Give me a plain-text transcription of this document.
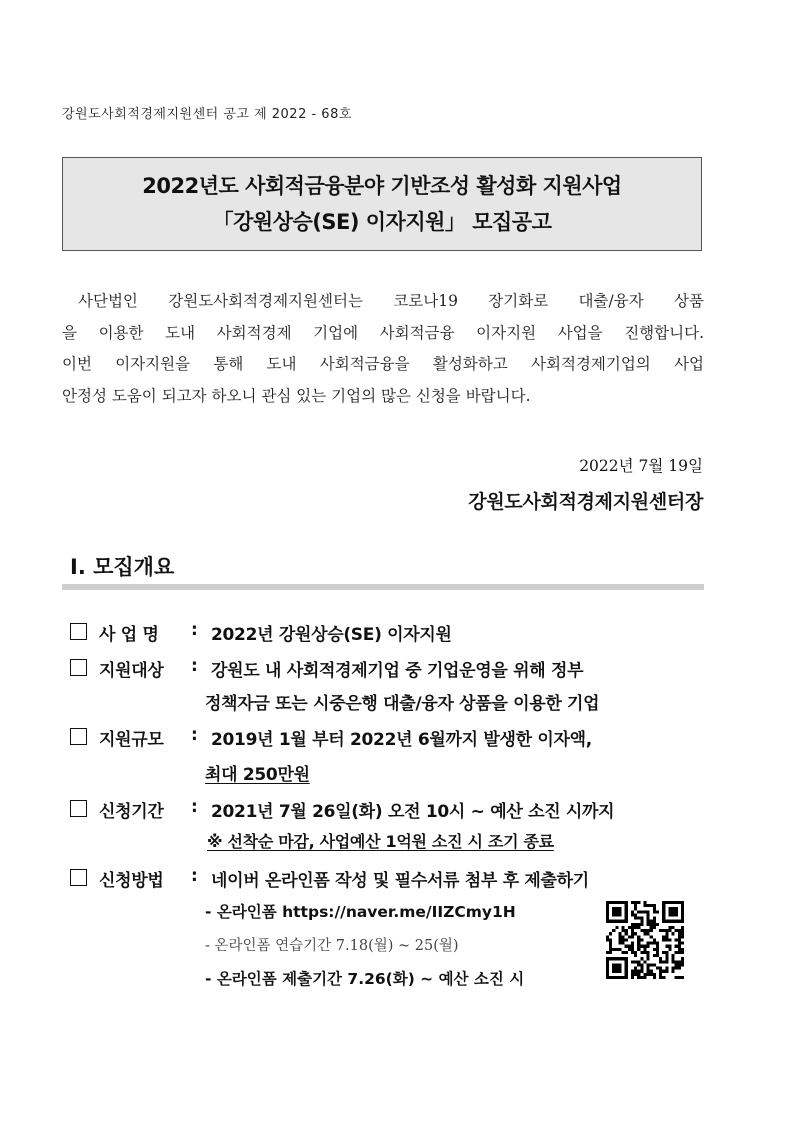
강원도사회적경제지원센터 공고 제 2022 - 68호
2022년도 사회적금융분야 기반조성 활성화 지원사업
「강원상승(SE) 이자지원」 모집공고
사단법인 강원도사회적경제지원센터는 코로나19 장기화로 대출/융자 상품
을 이용한 도내 사회적경제 기업에 사회적금융 이자지원 사업을 진행합니다.
이번 이자지원을 통해 도내 사회적금융을 활성화하고 사회적경제기업의 사업
안정성 도움이 되고자 하오니 관심 있는 기업의 많은 신청을 바랍니다.
2022년 7월 19일
강원도사회적경제지원센터장
Ⅰ. 모집개요
사 업 명	: 2022년 강원상승(SE) 이자지원
지원대상	: 강원도 내 사회적경제기업 중 기업운영을 위해 정부
정책자금 또는 시중은행 대출/융자 상품을 이용한 기업
지원규모	: 2019년 1월 부터 2022년 6월까지 발생한 이자액,
최대 250만원
신청기간	: 2021년 7월 26일(화) 오전 10시 ~ 예산 소진 시까지
※ 선착순 마감, 사업예산 1억원 소진 시 조기 종료
신청방법	: 네이버 온라인폼 작성 및 필수서류 첨부 후 제출하기
- 온라인폼 https://naver.me/IIZCmy1H
- 온라인폼 연습기간 7.18(월) ~ 25(월)
- 온라인폼 제출기간 7.26(화) ~ 예산 소진 시
